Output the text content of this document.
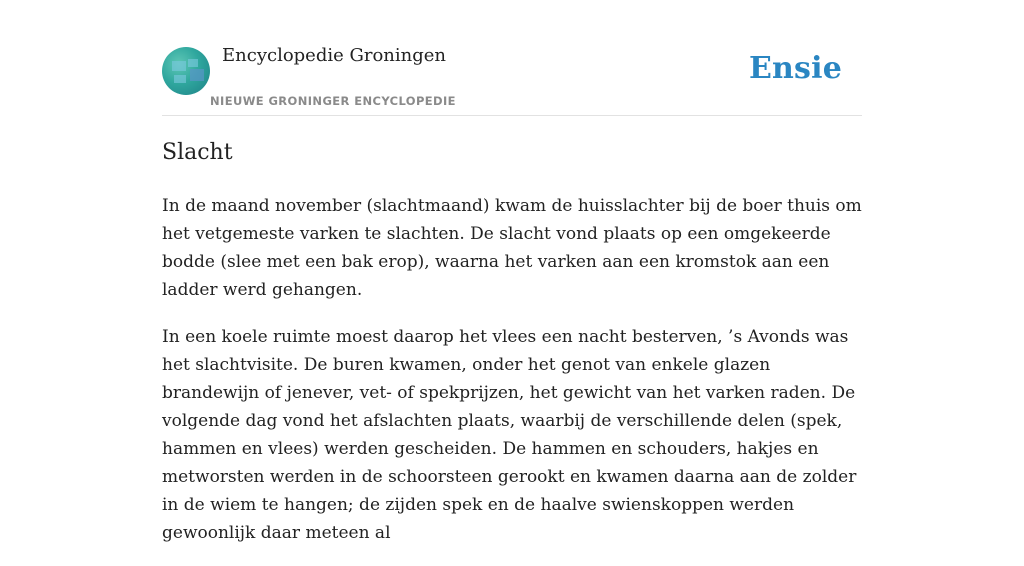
Encyclopedie Groningen
NIEUWE GRONINGER ENCYCLOPEDIE
Ensie
Slacht

In de maand november (slachtmaand) kwam de huisslachter bij de boer thuis om het vetgemeste varken te slachten. De slacht vond plaats op een omgekeerde bodde (slee met een bak erop), waarna het varken aan een kromstok aan een ladder werd gehangen.

In een koele ruimte moest daarop het vlees een nacht besterven, ’s Avonds was het slachtvisite. De buren kwamen, onder het genot van enkele glazen brandewijn of jenever, vet- of spekprijzen, het gewicht van het varken raden. De volgende dag vond het afslachten plaats, waarbij de verschillende delen (spek, hammen en vlees) werden gescheiden. De hammen en schouders, hakjes en metworsten werden in de schoorsteen gerookt en kwamen daarna aan de zolder in de wiem te hangen; de zijden spek en de haalve swienskoppen werden gewoonlijk daar meteen al
